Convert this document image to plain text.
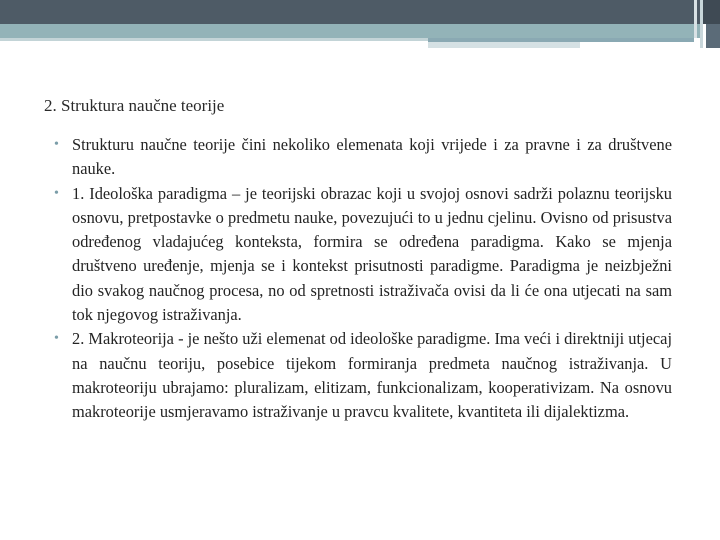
2. Struktura naučne teorije
• Strukturu naučne teorije čini nekoliko elemenata koji vrijede i za pravne i za društvene nauke.
• 1. Ideološka paradigma – je teorijski obrazac koji u svojoj osnovi sadrži polaznu teorijsku osnovu, pretpostavke o predmetu nauke, povezujući to u jednu cjelinu. Ovisno od prisustva određenog vladajućeg konteksta, formira se određena paradigma. Kako se mjenja društveno uređenje, mjenja se i kontekst prisutnosti paradigme. Paradigma je neizbježni dio svakog naučnog procesa, no od spretnosti istraživača ovisi da li će ona utjecati na sam tok njegovog istraživanja.
• 2. Makroteorija - je nešto uži elemenat od ideološke paradigme. Ima veći i direktniji utjecaj na naučnu teoriju, posebice tijekom formiranja predmeta naučnog istraživanja. U makroteoriju ubrajamo: pluralizam, elitizam, funkcionalizam, kooperativizam. Na osnovu makroteorije usmjeravamo istraživanje u pravcu kvalitete, kvantiteta ili dijalektizma.
